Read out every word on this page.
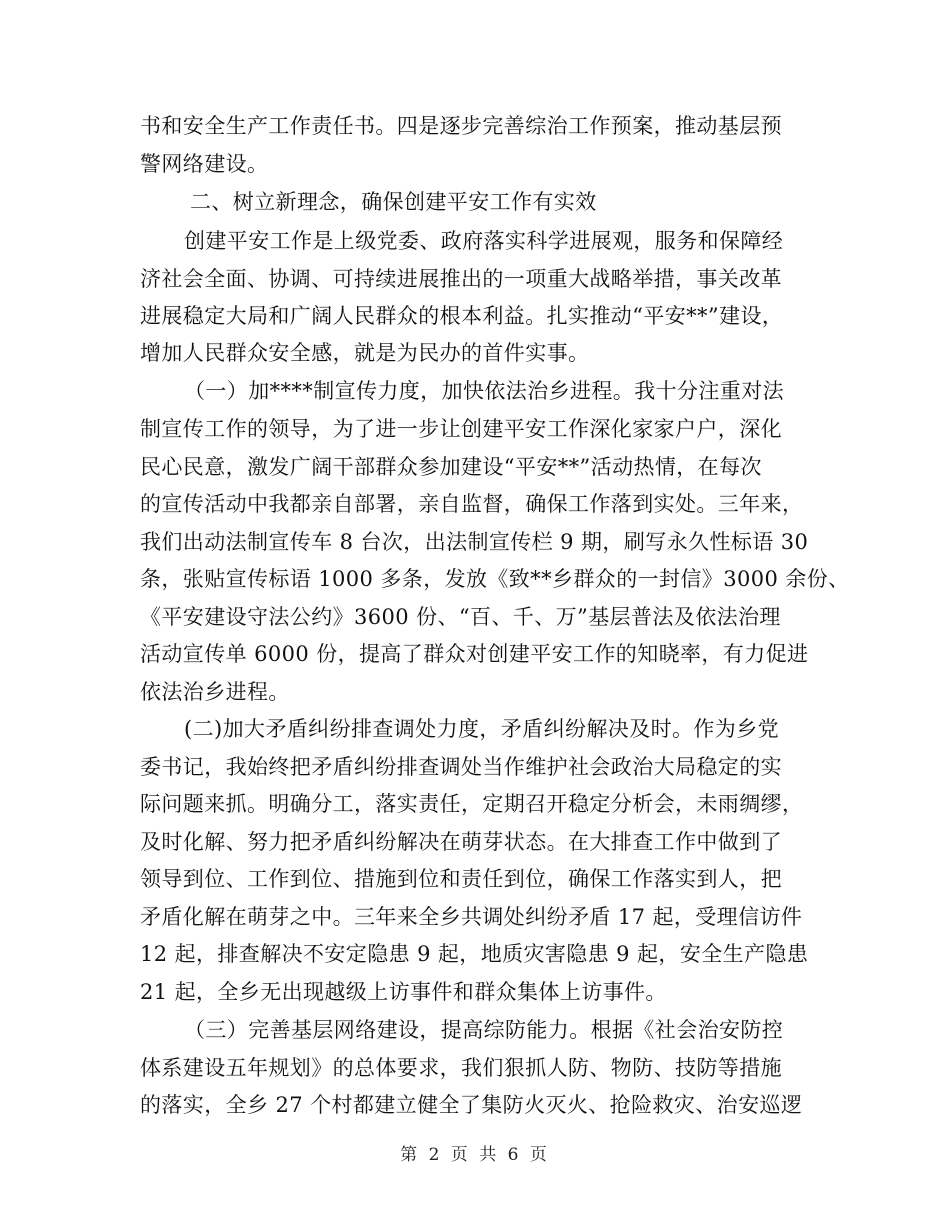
书和安全生产工作责任书。四是逐步完善综治工作预案，推动基层预
警网络建设。
二、树立新理念，确保创建平安工作有实效
创建平安工作是上级党委、政府落实科学进展观，服务和保障经
济社会全面、协调、可持续进展推出的一项重大战略举措，事关改革
进展稳定大局和广阔人民群众的根本利益。扎实推动“平安**”建设，
增加人民群众安全感，就是为民办的首件实事。
（一）加****制宣传力度，加快依法治乡进程。我十分注重对法
制宣传工作的领导，为了进一步让创建平安工作深化家家户户，深化
民心民意，激发广阔干部群众参加建设“平安**”活动热情，在每次
的宣传活动中我都亲自部署，亲自监督，确保工作落到实处。三年来，
我们出动法制宣传车 8 台次，出法制宣传栏 9 期，刷写永久性标语 30
条，张贴宣传标语 1000 多条，发放《致**乡群众的一封信》3000 余份、
《平安建设守法公约》3600 份、“百、千、万”基层普法及依法治理
活动宣传单 6000 份，提高了群众对创建平安工作的知晓率，有力促进
依法治乡进程。
(二)加大矛盾纠纷排查调处力度，矛盾纠纷解决及时。作为乡党
委书记，我始终把矛盾纠纷排查调处当作维护社会政治大局稳定的实
际问题来抓。明确分工，落实责任，定期召开稳定分析会，未雨绸缪，
及时化解、努力把矛盾纠纷解决在萌芽状态。在大排查工作中做到了
领导到位、工作到位、措施到位和责任到位，确保工作落实到人，把
矛盾化解在萌芽之中。三年来全乡共调处纠纷矛盾 17 起，受理信访件
12 起，排查解决不安定隐患 9 起，地质灾害隐患 9 起，安全生产隐患
21 起，全乡无出现越级上访事件和群众集体上访事件。
（三）完善基层网络建设，提高综防能力。根据《社会治安防控
体系建设五年规划》的总体要求，我们狠抓人防、物防、技防等措施
的落实，全乡 27 个村都建立健全了集防火灭火、抢险救灾、治安巡逻
第 2 页 共 6 页
